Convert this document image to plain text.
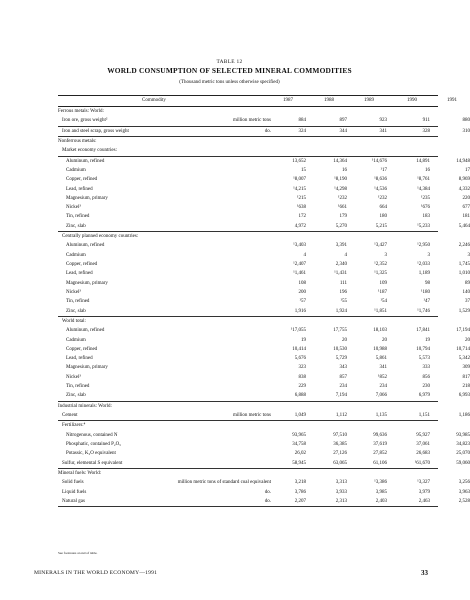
TABLE 12
WORLD CONSUMPTION OF SELECTED MINERAL COMMODITIES
(Thousand metric tons unless otherwise specified)
Commodity	1987	1988	1989	1990	1991
Ferrous metals: World:
Iron ore, gross weight²	million metric tons	884	897	923	911	880
Iron and steel scrap, gross weight	do.	324	344	341	328	310
Nonferrous metals:
Market economy countries:
Aluminum, refined	13,652	14,364	¹14,676	14,891	14,948
Cadmium	15	16	¹17	16	17
Copper, refined	¹8,007	¹8,190	¹8,636	¹8,761	8,969
Lead, refined	¹4,215	¹4,298	¹4,536	¹4,384	4,332
Magnesium, primary	¹215	¹232	¹232	¹235	220
Nickel³	¹638	¹661	664	¹676	677
Tin, refined	172	179	180	183	181
Zinc, slab	4,972	5,270	5,215	¹5,233	5,464
Centrally planned economy countries:
Aluminum, refined	¹3,403	3,391	¹3,427	¹2,950	2,246
Cadmium	4	4	3	3	3
Copper, refined	¹2,407	2,340	¹2,352	¹2,033	1,745
Lead, refined	¹1,461	¹1,431	¹1,325	1,189	1,010
Magnesium, primary	108	111	109	98	89
Nickel³	200	196	¹187	¹180	140
Tin, refined	¹57	¹55	¹54	¹47	37
Zinc, slab	1,916	1,924	¹1,851	¹1,746	1,529
World total:
Aluminum, refined	¹17,055	17,755	18,103	17,841	17,194
Cadmium	19	20	20	19	20
Copper, refined	10,414	10,530	10,988	10,794	10,714
Lead, refined	5,676	5,729	5,861	5,573	5,342
Magnesium, primary	323	343	341	333	309
Nickel³	838	857	¹852	856	817
Tin, refined	229	234	234	230	218
Zinc, slab	6,888	7,194	7,066	6,979	6,993
Industrial minerals: World:
Cement	million metric tons	1,049	1,112	1,135	1,151	1,186
Fertilizers:⁴
Nitrogenous, contained N	93,965	97,510	99,636	95,927	93,985
Phosphatic, contained P₂O₅	34,758	36,385	37,619	37,061	34,823
Potassic, K₂O equivalent	26,02	27,126	27,852	26,683	25,070
Sulfur, elemental S equivalent	58,945	63,065	61,106	¹61,670	59,060
Mineral fuels: World:
Solid fuels	million metric tons of standard coal equivalent	3,218	3,313	¹3,386	¹3,327	3,256
Liquid fuels	do.	3,786	3,933	3,985	3,979	3,963
Natural gas	do.	2,207	2,313	2,403	2,463	2,528
See footnotes at end of table.
MINERALS IN THE WORLD ECONOMY—1991	33
